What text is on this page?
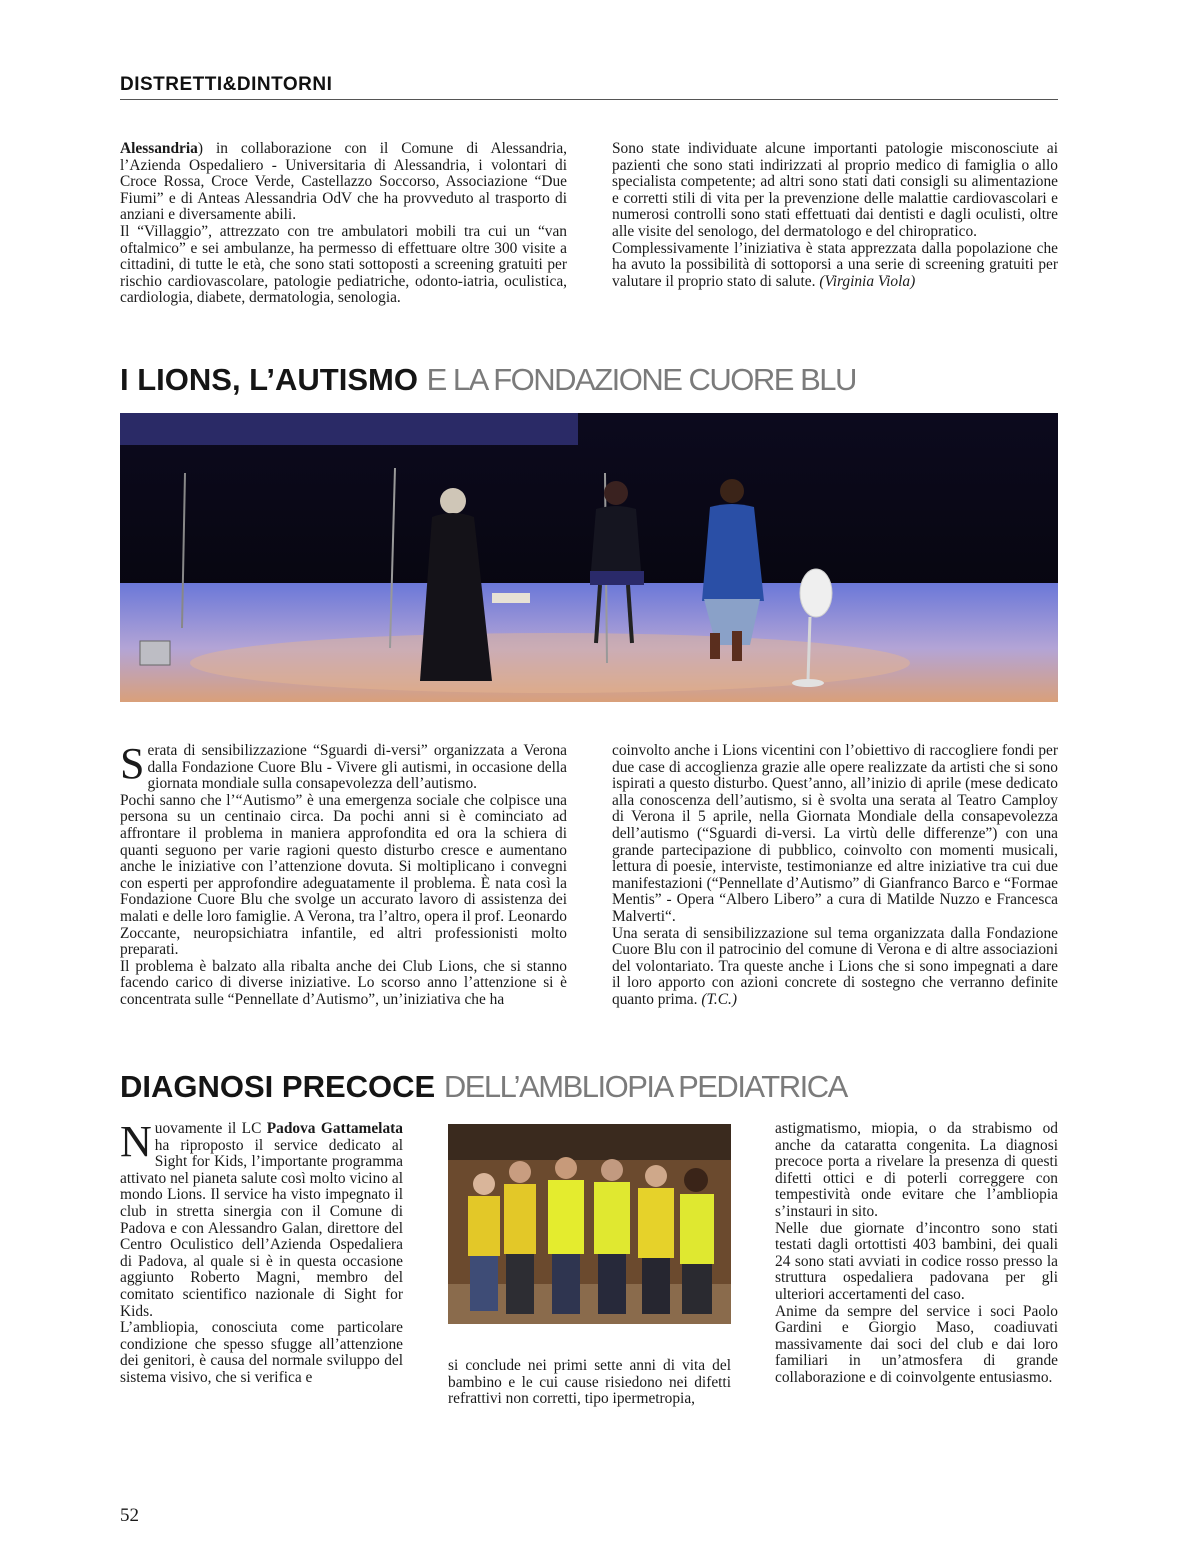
DISTRETTI&DINTORNI

Alessandria) in collaborazione con il Comune di Alessandria, l’Azienda Ospedaliero - Universitaria di Alessandria, i volontari di Croce Rossa, Croce Verde, Castellazzo Soccorso, Associazione “Due Fiumi” e di Anteas Alessandria OdV che ha provveduto al trasporto di anziani e diversamente abili.

Il “Villaggio”, attrezzato con tre ambulatori mobili tra cui un “van oftalmico” e sei ambulanze, ha permesso di effettuare oltre 300 visite a cittadini, di tutte le età, che sono stati sottoposti a screening gratuiti per rischio cardiovascolare, patologie pediatriche, odonto-iatria, oculistica, cardiologia, diabete, dermatologia, senologia.

Sono state individuate alcune importanti patologie misconosciute ai pazienti che sono stati indirizzati al proprio medico di famiglia o allo specialista competente; ad altri sono stati dati consigli su alimentazione e corretti stili di vita per la prevenzione delle malattie cardiovascolari e numerosi controlli sono stati effettuati dai dentisti e dagli oculisti, oltre alle visite del senologo, del dermatologo e del chiropratico.

Complessivamente l’iniziativa è stata apprezzata dalla popolazione che ha avuto la possibilità di sottoporsi a una serie di screening gratuiti per valutare il proprio stato di salute. (Virginia Viola)

I LIONS, L’AUTISMO E LA FONDAZIONE CUORE BLU

Serata di sensibilizzazione “Sguardi di-versi” organizzata a Verona dalla Fondazione Cuore Blu - Vivere gli autismi, in occasione della giornata mondiale sulla consapevolezza dell’autismo.

Pochi sanno che l’“Autismo” è una emergenza sociale che colpisce una persona su un centinaio circa. Da pochi anni si è cominciato ad affrontare il problema in maniera approfondita ed ora la schiera di quanti seguono per varie ragioni questo disturbo cresce e aumentano anche le iniziative con l’attenzione dovuta. Si moltiplicano i convegni con esperti per approfondire adeguatamente il problema. È nata così la Fondazione Cuore Blu che svolge un accurato lavoro di assistenza dei malati e delle loro famiglie. A Verona, tra l’altro, opera il prof. Leonardo Zoccante, neuropsichiatra infantile, ed altri professionisti molto preparati.

Il problema è balzato alla ribalta anche dei Club Lions, che si stanno facendo carico di diverse iniziative. Lo scorso anno l’attenzione si è concentrata sulle “Pennellate d’Autismo”, un’iniziativa che ha

coinvolto anche i Lions vicentini con l’obiettivo di raccogliere fondi per due case di accoglienza grazie alle opere realizzate da artisti che si sono ispirati a questo disturbo. Quest’anno, all’inizio di aprile (mese dedicato alla conoscenza dell’autismo, si è svolta una serata al Teatro Camploy di Verona il 5 aprile, nella Giornata Mondiale della consapevolezza dell’autismo (“Sguardi di-versi. La virtù delle differenze”) con una grande partecipazione di pubblico, coinvolto con momenti musicali, lettura di poesie, interviste, testimonianze ed altre iniziative tra cui due manifestazioni (“Pennellate d’Autismo” di Gianfranco Barco e “Formae Mentis” - Opera “Albero Libero” a cura di Matilde Nuzzo e Francesca Malverti“.

Una serata di sensibilizzazione sul tema organizzata dalla Fondazione Cuore Blu con il patrocinio del comune di Verona e di altre associazioni del volontariato. Tra queste anche i Lions che si sono impegnati a dare il loro apporto con azioni concrete di sostegno che verranno definite quanto prima. (T.C.)

DIAGNOSI PRECOCE DELL’AMBLIOPIA PEDIATRICA

Nuovamente il LC Padova Gattamelata ha riproposto il service dedicato al Sight for Kids, l’importante programma attivato nel pianeta salute così molto vicino al mondo Lions. Il service ha visto impegnato il club in stretta sinergia con il Comune di Padova e con Alessandro Galan, direttore del Centro Oculistico dell’Azienda Ospedaliera di Padova, al quale si è in questa occasione aggiunto Roberto Magni, membro del comitato scientifico nazionale di Sight for Kids.

L’ambliopia, conosciuta come particolare condizione che spesso sfugge all’attenzione dei genitori, è causa del normale sviluppo del sistema visivo, che si verifica e

si conclude nei primi sette anni di vita del bambino e le cui cause risiedono nei difetti refrattivi non corretti, tipo ipermetropia,

astigmatismo, miopia, o da strabismo od anche da cataratta congenita. La diagnosi precoce porta a rivelare la presenza di questi difetti ottici e di poterli correggere con tempestività onde evitare che l’ambliopia s’instauri in sito.

Nelle due giornate d’incontro sono stati testati dagli ortottisti 403 bambini, dei quali 24 sono stati avviati in codice rosso presso la struttura ospedaliera padovana per gli ulteriori accertamenti del caso.

Anime da sempre del service i soci Paolo Gardini e Giorgio Maso, coadiuvati massivamente dai soci del club e dai loro familiari in un’atmosfera di grande collaborazione e di coinvolgente entusiasmo.

52
